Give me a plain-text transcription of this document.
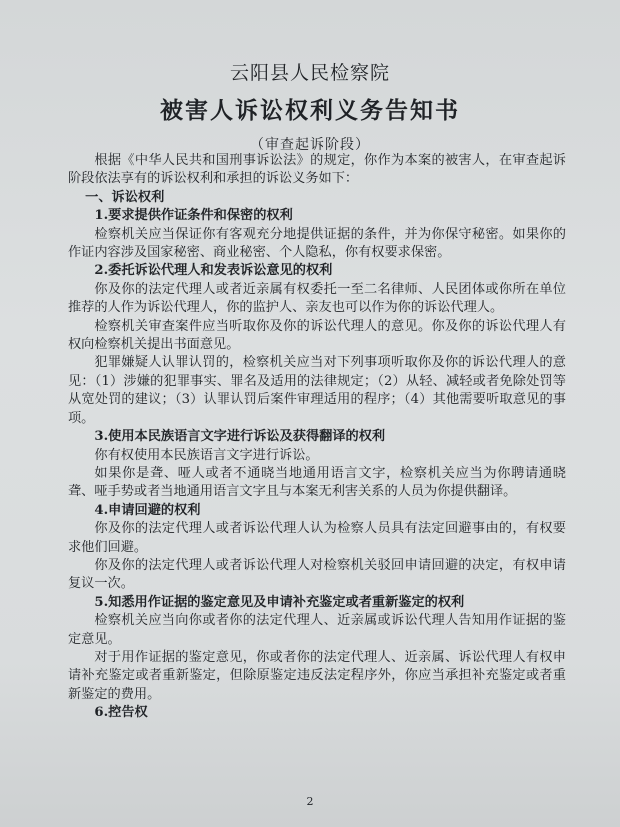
云阳县人民检察院
被害人诉讼权利义务告知书
（审查起诉阶段）

根据《中华人民共和国刑事诉讼法》的规定，你作为本案的被害人，在审查起诉阶段依法享有的诉讼权利和承担的诉讼义务如下：

一、诉讼权利

1.要求提供作证条件和保密的权利

检察机关应当保证你有客观充分地提供证据的条件，并为你保守秘密。如果你的作证内容涉及国家秘密、商业秘密、个人隐私，你有权要求保密。

2.委托诉讼代理人和发表诉讼意见的权利

你及你的法定代理人或者近亲属有权委托一至二名律师、人民团体或你所在单位推荐的人作为诉讼代理人，你的监护人、亲友也可以作为你的诉讼代理人。

检察机关审查案件应当听取你及你的诉讼代理人的意见。你及你的诉讼代理人有权向检察机关提出书面意见。

犯罪嫌疑人认罪认罚的，检察机关应当对下列事项听取你及你的诉讼代理人的意见：（1）涉嫌的犯罪事实、罪名及适用的法律规定；（2）从轻、减轻或者免除处罚等从宽处罚的建议；（3）认罪认罚后案件审理适用的程序；（4）其他需要听取意见的事项。

3.使用本民族语言文字进行诉讼及获得翻译的权利

你有权使用本民族语言文字进行诉讼。

如果你是聋、哑人或者不通晓当地通用语言文字，检察机关应当为你聘请通晓聋、哑手势或者当地通用语言文字且与本案无利害关系的人员为你提供翻译。

4.申请回避的权利

你及你的法定代理人或者诉讼代理人认为检察人员具有法定回避事由的，有权要求他们回避。

你及你的法定代理人或者诉讼代理人对检察机关驳回申请回避的决定，有权申请复议一次。

5.知悉用作证据的鉴定意见及申请补充鉴定或者重新鉴定的权利

检察机关应当向你或者你的法定代理人、近亲属或诉讼代理人告知用作证据的鉴定意见。

对于用作证据的鉴定意见，你或者你的法定代理人、近亲属、诉讼代理人有权申请补充鉴定或者重新鉴定，但除原鉴定违反法定程序外，你应当承担补充鉴定或者重新鉴定的费用。

6.控告权

2
